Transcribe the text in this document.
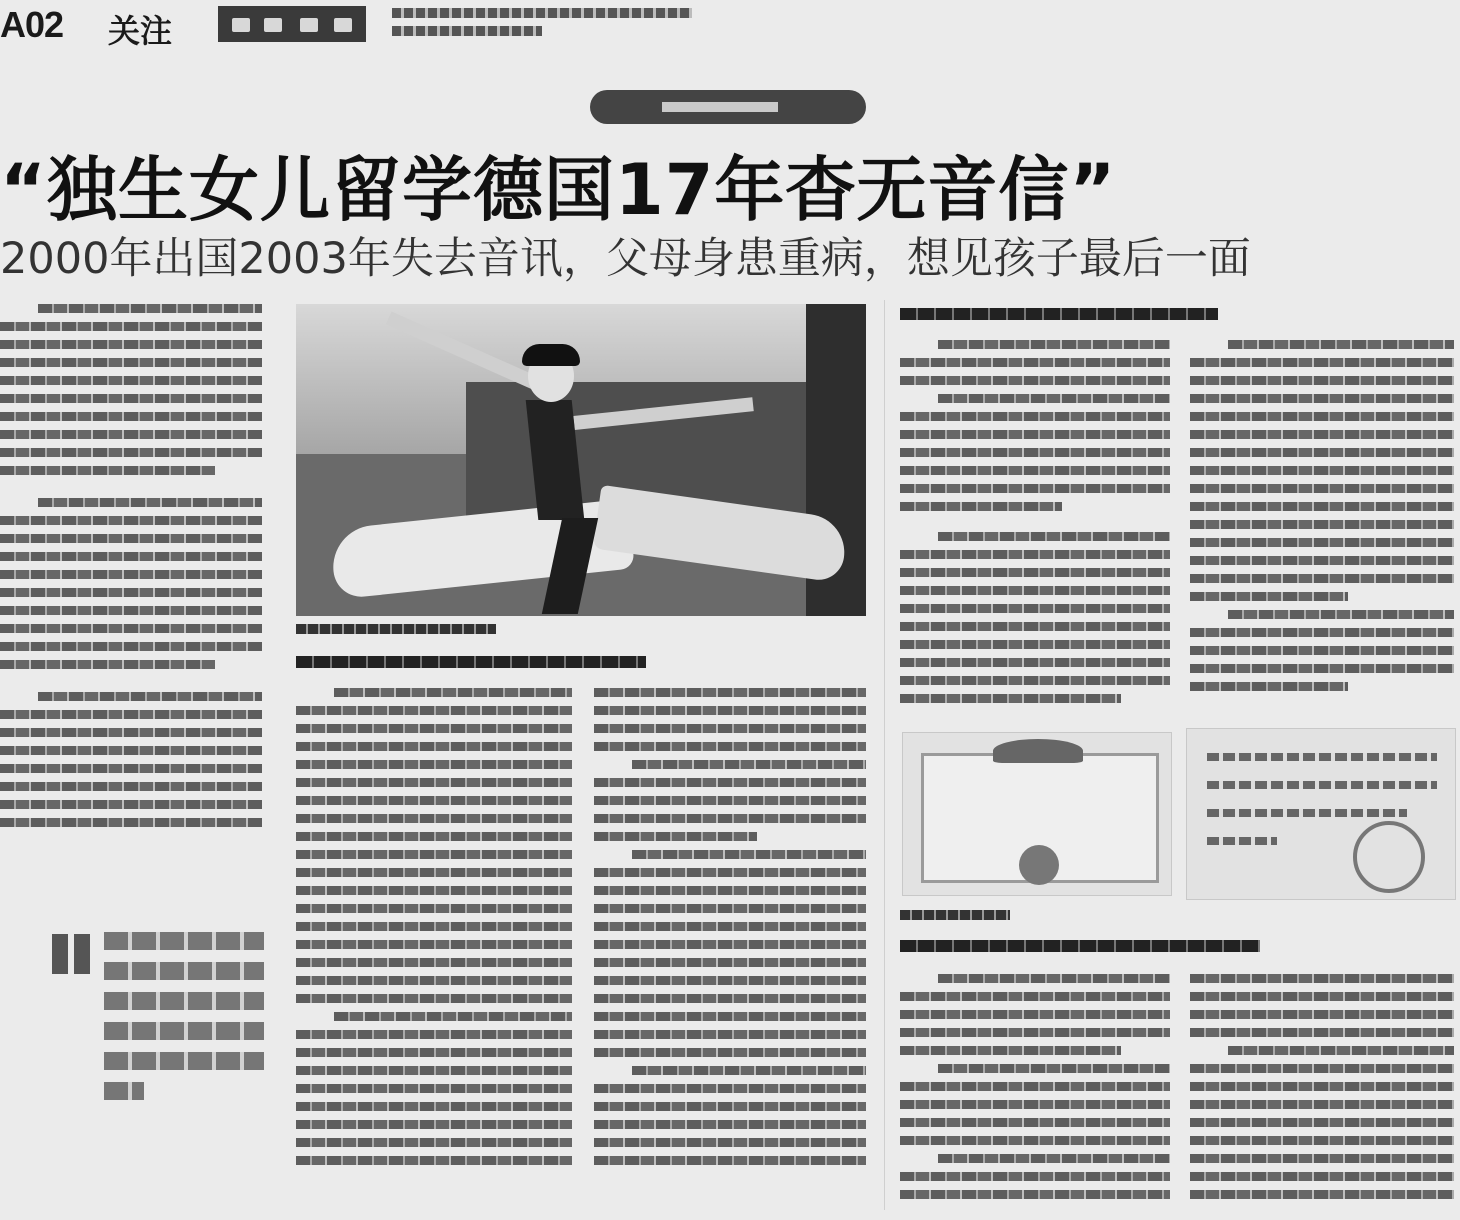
A02 关注
“独生女儿留学德国17年杳无音信”
2000年出国2003年失去音讯，父母身患重病，想见孩子最后一面
